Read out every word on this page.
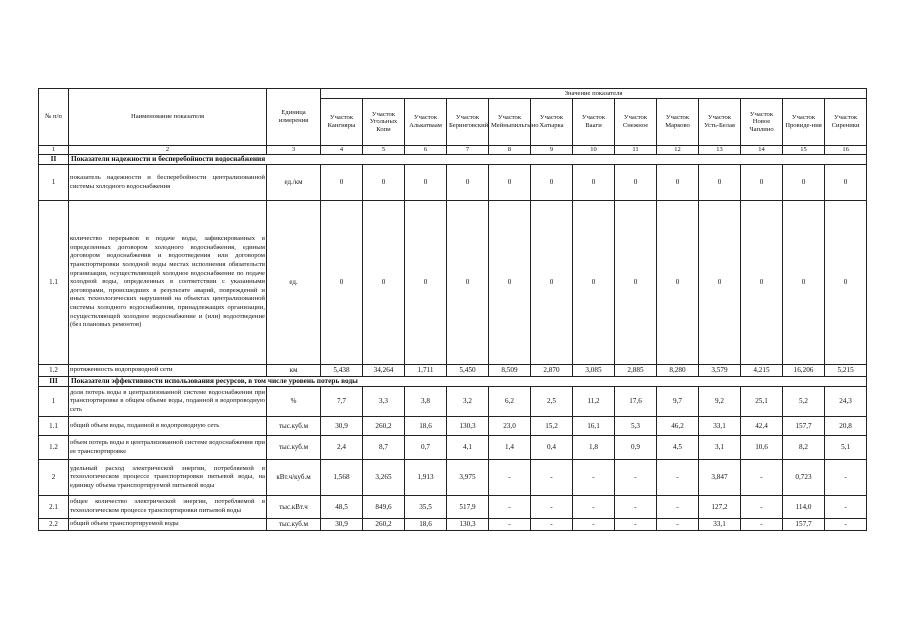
№ п/п	Наименование показателя	Единица измерения	Значение показателя												
			Участок Кангияры	Участок Угольных Копи	Участок Алькатваам	Участок Беринговский	Участок Мейныпильгыно	Участок Хатырка	Участок Вааги	Участок Снежное	Участок Марково	Участок Усть-Белая	Участок Новое Чаплино	Участок Провиде-ния	Участок Сиреники
1	2	3	4	5	6	7	8	9	10	11	12	13	14	15	16
II	Показатели надежности и бесперебойности водоснабжения														
1	показатель надежности и бесперебойности централизованной системы холодного водоснабжения	ед./км	0	0	0	0	0	0	0	0	0	0	0	0	0
1.1	количество перерывов в подаче воды, зафиксированных в определенных договором холодного водоснабжения, единым договором водоснабжения и водоотведения или договором транспортировки холодной воды местах исполнения обязательств организации, осуществляющей холодное водоснабжение по подаче холодной воды, определенных в соответствии с указанными договорами, происшедших в результате аварий, повреждений и иных технологических нарушений на объектах централизованной системы холодного водоснабжения, принадлежащих организации, осуществляющей холодное водоснабжение и (или) водоотведение (без плановых ремонтов)	ед.	0	0	0	0	0	0	0	0	0	0	0	0	0
1.2	протяженность водопроводной сети	км	5,438	34,264	1,711	5,450	8,509	2,870	3,085	2,885	8,280	3,579	4,215	16,206	5,215
III	Показатели эффективности использования ресурсов, в том числе уровень потерь воды														
1	доля потерь воды в централизованной системе водоснабжения при транспортировке в общем объеме воды, поданной в водопроводную сеть	%	7,7	3,3	3,8	3,2	6,2	2,5	11,2	17,6	9,7	9,2	25,1	5,2	24,3
1.1	общий объем воды, поданной в водопроводную сеть	тыс.куб.м	30,9	260,2	18,6	130,3	23,0	15,2	16,1	5,3	46,2	33,1	42,4	157,7	20,8
1.2	объем потерь воды в централизованной системе водоснабжения при ее транспортировке	тыс.куб.м	2,4	8,7	0,7	4,1	1,4	0,4	1,8	0,9	4,5	3,1	10,6	8,2	5,1
2	удельный расход электрической энергии, потребляемой в технологическом процессе транспортировки питьевой воды, на единицу объема транспортируемой питьевой воды	кВт.ч/куб.м	1,568	3,265	1,913	3,975	-	-	-	-	-	3,847	-	0,723	-
2.1	общее количество электрической энергии, потребляемой в технологическом процессе транспортировки питьевой воды	тыс.кВт.ч	48,5	849,6	35,5	517,9	-	-	-	-	-	127,2	-	114,0	-
2.2	общий объем транспортируемой воды	тыс.куб.м	30,9	260,2	18,6	130,3	-	-	-	-	-	33,1	-	157,7	-
